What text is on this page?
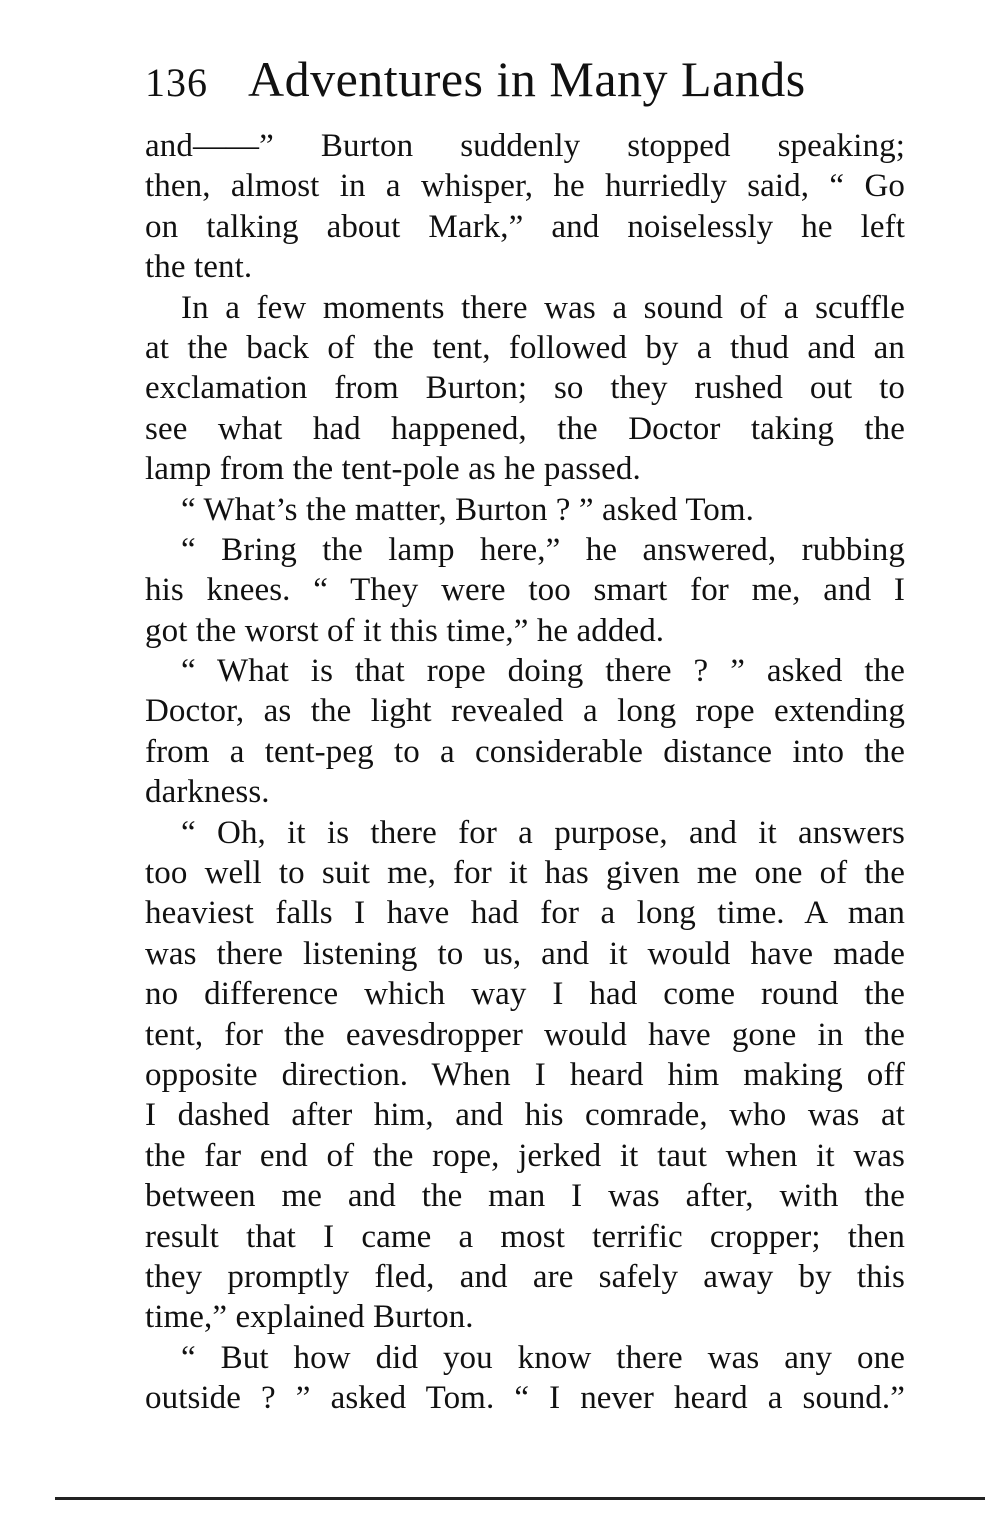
136 Adventures in Many Lands
and——” Burton suddenly stopped speaking;
then, almost in a whisper, he hurriedly said, “ Go
on talking about Mark,” and noiselessly he left
the tent.
In a few moments there was a sound of a scuffle
at the back of the tent, followed by a thud and an
exclamation from Burton; so they rushed out to
see what had happened, the Doctor taking the
lamp from the tent-pole as he passed.
“ What’s the matter, Burton ? ” asked Tom.
“ Bring the lamp here,” he answered, rubbing
his knees. “ They were too smart for me, and I
got the worst of it this time,” he added.
“ What is that rope doing there ? ” asked the
Doctor, as the light revealed a long rope extending
from a tent-peg to a considerable distance into the
darkness.
“ Oh, it is there for a purpose, and it answers
too well to suit me, for it has given me one of the
heaviest falls I have had for a long time. A man
was there listening to us, and it would have made
no difference which way I had come round the
tent, for the eavesdropper would have gone in the
opposite direction. When I heard him making off
I dashed after him, and his comrade, who was at
the far end of the rope, jerked it taut when it was
between me and the man I was after, with the
result that I came a most terrific cropper; then
they promptly fled, and are safely away by this
time,” explained Burton.
“ But how did you know there was any one
outside ? ” asked Tom. “ I never heard a sound.”
